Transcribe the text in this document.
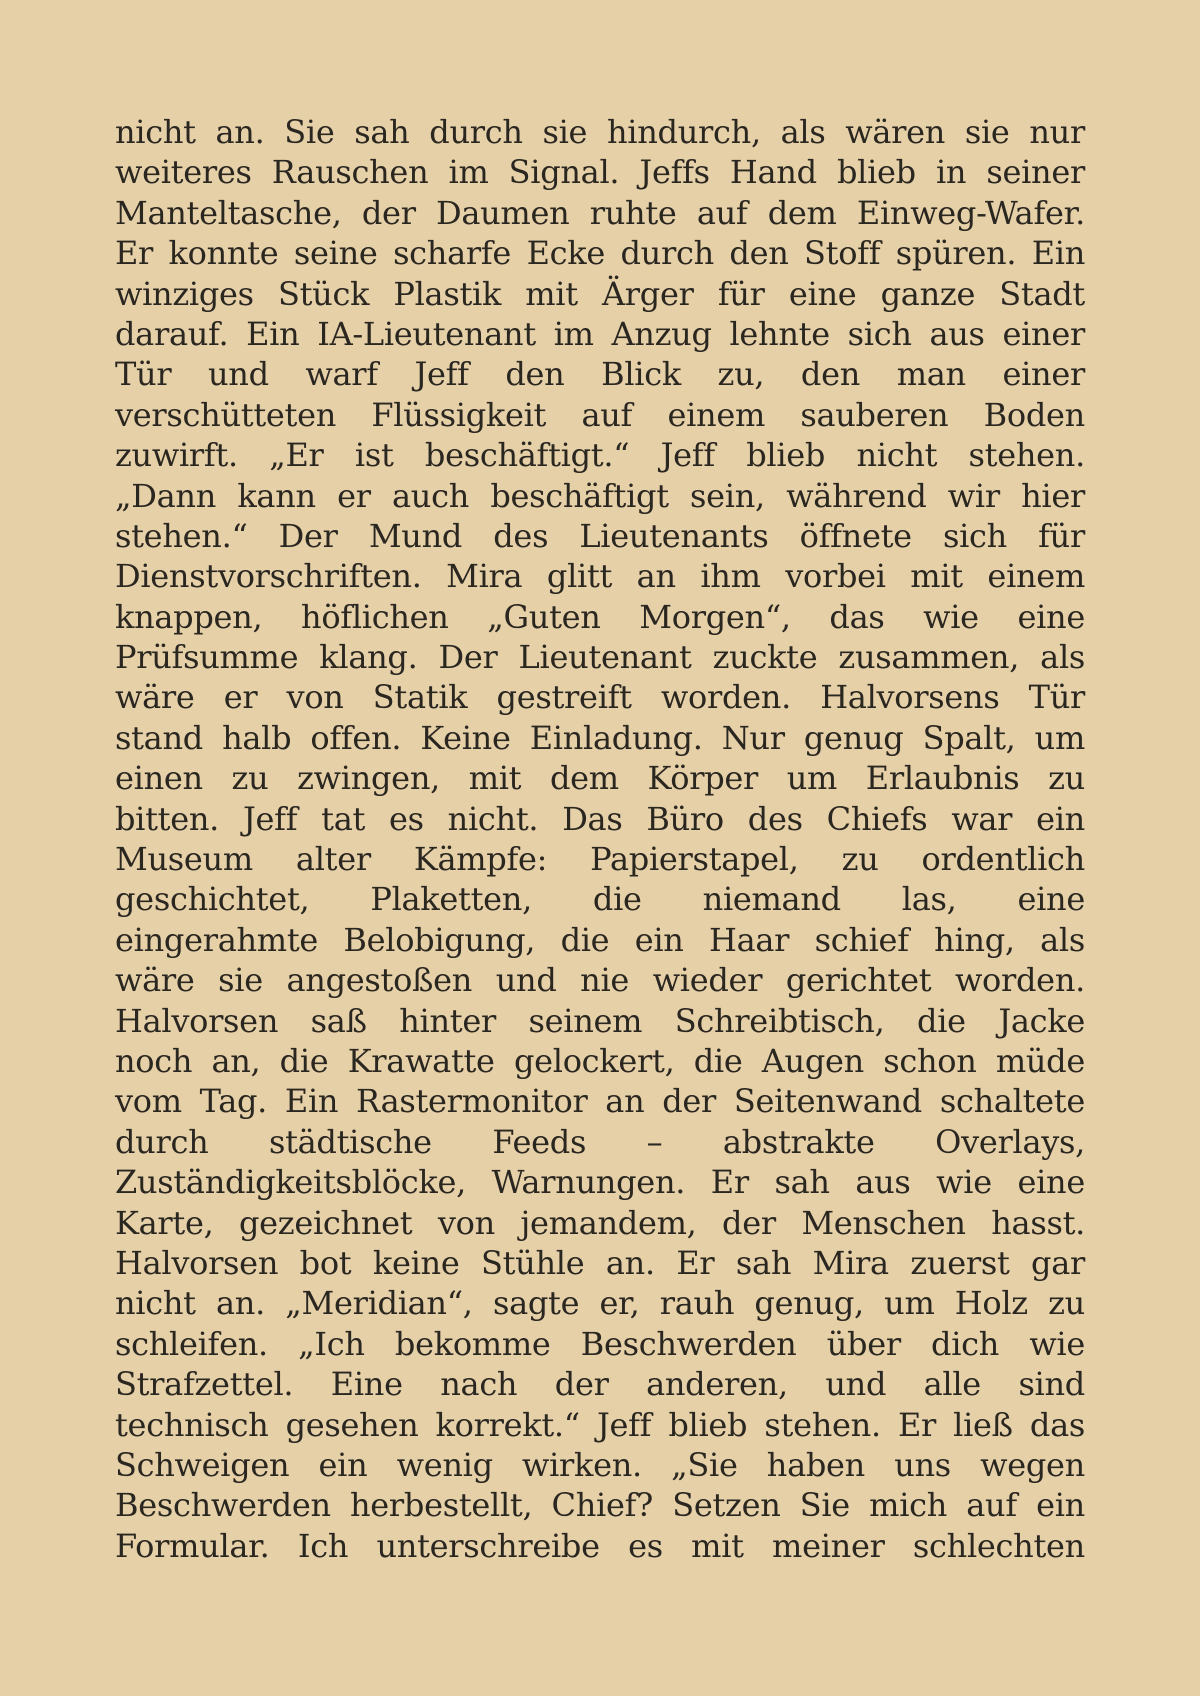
nicht an. Sie sah durch sie hindurch, als wären sie nur
weiteres Rauschen im Signal. Jeffs Hand blieb in seiner
Manteltasche, der Daumen ruhte auf dem Einweg-Wafer.
Er konnte seine scharfe Ecke durch den Stoff spüren. Ein
winziges Stück Plastik mit Ärger für eine ganze Stadt
darauf. Ein IA-Lieutenant im Anzug lehnte sich aus einer
Tür und warf Jeff den Blick zu, den man einer
verschütteten Flüssigkeit auf einem sauberen Boden
zuwirft. „Er ist beschäftigt.“ Jeff blieb nicht stehen.
„Dann kann er auch beschäftigt sein, während wir hier
stehen.“ Der Mund des Lieutenants öffnete sich für
Dienstvorschriften. Mira glitt an ihm vorbei mit einem
knappen, höflichen „Guten Morgen“, das wie eine
Prüfsumme klang. Der Lieutenant zuckte zusammen, als
wäre er von Statik gestreift worden. Halvorsens Tür
stand halb offen. Keine Einladung. Nur genug Spalt, um
einen zu zwingen, mit dem Körper um Erlaubnis zu
bitten. Jeff tat es nicht. Das Büro des Chiefs war ein
Museum alter Kämpfe: Papierstapel, zu ordentlich
geschichtet, Plaketten, die niemand las, eine
eingerahmte Belobigung, die ein Haar schief hing, als
wäre sie angestoßen und nie wieder gerichtet worden.
Halvorsen saß hinter seinem Schreibtisch, die Jacke
noch an, die Krawatte gelockert, die Augen schon müde
vom Tag. Ein Rastermonitor an der Seitenwand schaltete
durch städtische Feeds – abstrakte Overlays,
Zuständigkeitsblöcke, Warnungen. Er sah aus wie eine
Karte, gezeichnet von jemandem, der Menschen hasst.
Halvorsen bot keine Stühle an. Er sah Mira zuerst gar
nicht an. „Meridian“, sagte er, rauh genug, um Holz zu
schleifen. „Ich bekomme Beschwerden über dich wie
Strafzettel. Eine nach der anderen, und alle sind
technisch gesehen korrekt.“ Jeff blieb stehen. Er ließ das
Schweigen ein wenig wirken. „Sie haben uns wegen
Beschwerden herbestellt, Chief? Setzen Sie mich auf ein
Formular. Ich unterschreibe es mit meiner schlechten
